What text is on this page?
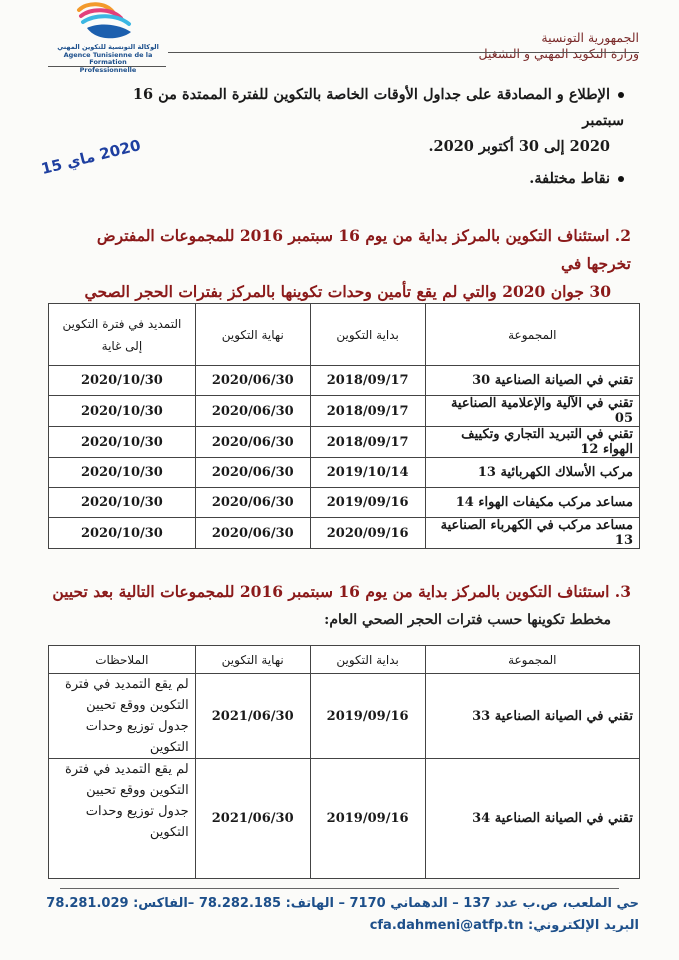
الوكالة التونسية للتكوين المهني
Agence Tunisienne de la Formation
Professionnelle
الجمهورية التونسية
وزارة التكويد المهني و التشغيل
الإطلاع و المصادقة على جداول الأوقات الخاصة بالتكوين للفترة الممتدة من 16 سبتمبر
2020 إلى 30 أكتوبر 2020.
2020 ماي 15
نقاط مختلفة.
2. استئناف التكوين بالمركز بداية من يوم 16 سبتمبر 2016 للمجموعات المفترض تخرجها في
30 جوان 2020 والتي لم يقع تأمين وحدات تكوينها بالمركز بفترات الحجر الصحي
المجموعة	بداية التكوين	نهاية التكوين	التمديد في فترة التكوين إلى غاية
تقني في الصيانة الصناعية 30	2018/09/17	2020/06/30	2020/10/30
تقني في الآلية والإعلامية الصناعية 05	2018/09/17	2020/06/30	2020/10/30
تقني في التبريد التجاري وتكييف الهواء 12	2018/09/17	2020/06/30	2020/10/30
مركب الأسلاك الكهربائية 13	2019/10/14	2020/06/30	2020/10/30
مساعد مركب مكيفات الهواء 14	2019/09/16	2020/06/30	2020/10/30
مساعد مركب في الكهرباء الصناعية 13	2020/09/16	2020/06/30	2020/10/30
3. استئناف التكوين بالمركز بداية من يوم 16 سبتمبر 2016 للمجموعات التالية بعد تحيين
مخطط تكوينها حسب فترات الحجر الصحي العام:
المجموعة	بداية التكوين	نهاية التكوين	الملاحظات
تقني في الصيانة الصناعية 33	2019/09/16	2021/06/30	لم يقع التمديد في فترة التكوين ووقع تحيين جدول توزيع وحدات التكوين
تقني في الصيانة الصناعية 34	2019/09/16	2021/06/30	لم يقع التمديد في فترة التكوين ووقع تحيين جدول توزيع وحدات التكوين
حي الملعب، ص.ب عدد 137 – الدهماني 7170 – الهاتف: 78.282.185 –الفاكس: 78.281.029
البريد الإلكتروني: cfa.dahmeni@atfp.tn
